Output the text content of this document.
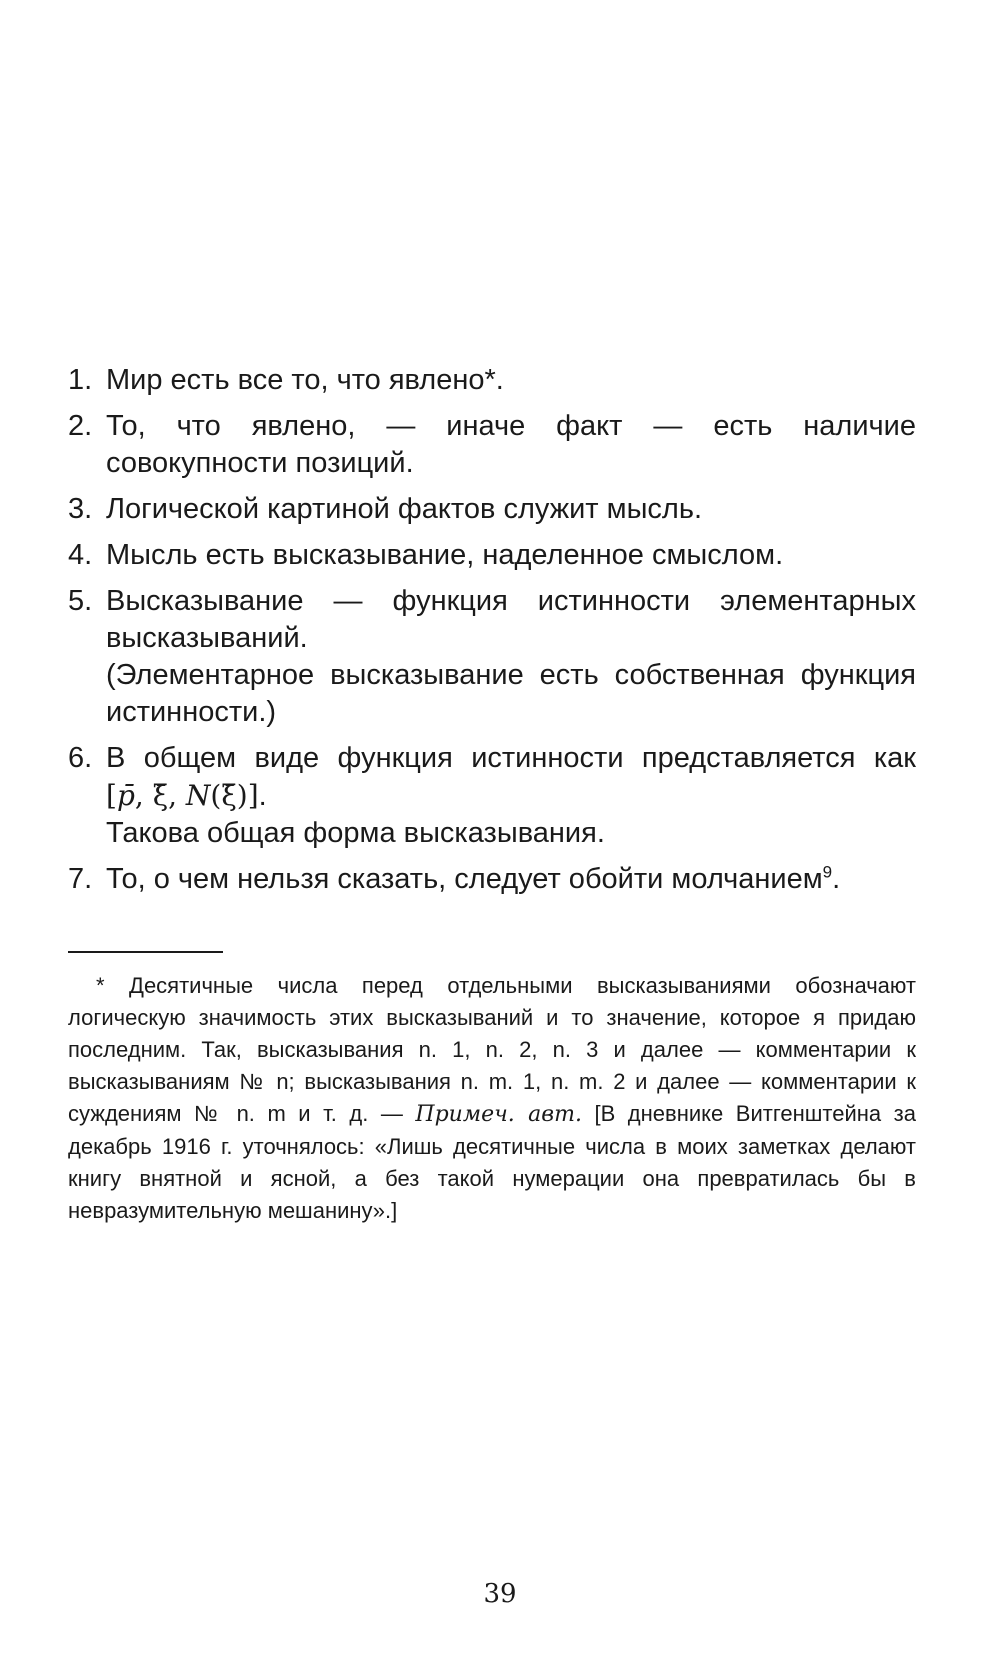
1. Мир есть все то, что явлено*.
2. То, что явлено, — иначе факт — есть наличие совокупности позиций.
3. Логической картиной фактов служит мысль.
4. Мысль есть высказывание, наделенное смыслом.
5. Высказывание — функция истинности элементарных высказываний.
(Элементарное высказывание есть собственная функция истинности.)
6. В общем виде функция истинности представляется как [p̄, ξ̄, N(ξ̄)].
Такова общая форма высказывания.
7. То, о чем нельзя сказать, следует обойти молчанием$^9$.

* Десятичные числа перед отдельными высказываниями обозначают логическую значимость этих высказываний и то значение, которое я придаю последним. Так, высказывания n. 1, n. 2, n. 3 и далее — комментарии к высказываниям № n; высказывания n. m. 1, n. m. 2 и далее — комментарии к суждениям № n. m и т. д. — Примеч. авт. [В дневнике Витгенштейна за декабрь 1916 г. уточнялось: «Лишь десятичные числа в моих заметках делают книгу внятной и ясной, а без такой нумерации она превратилась бы в невразумительную мешанину».]

39
